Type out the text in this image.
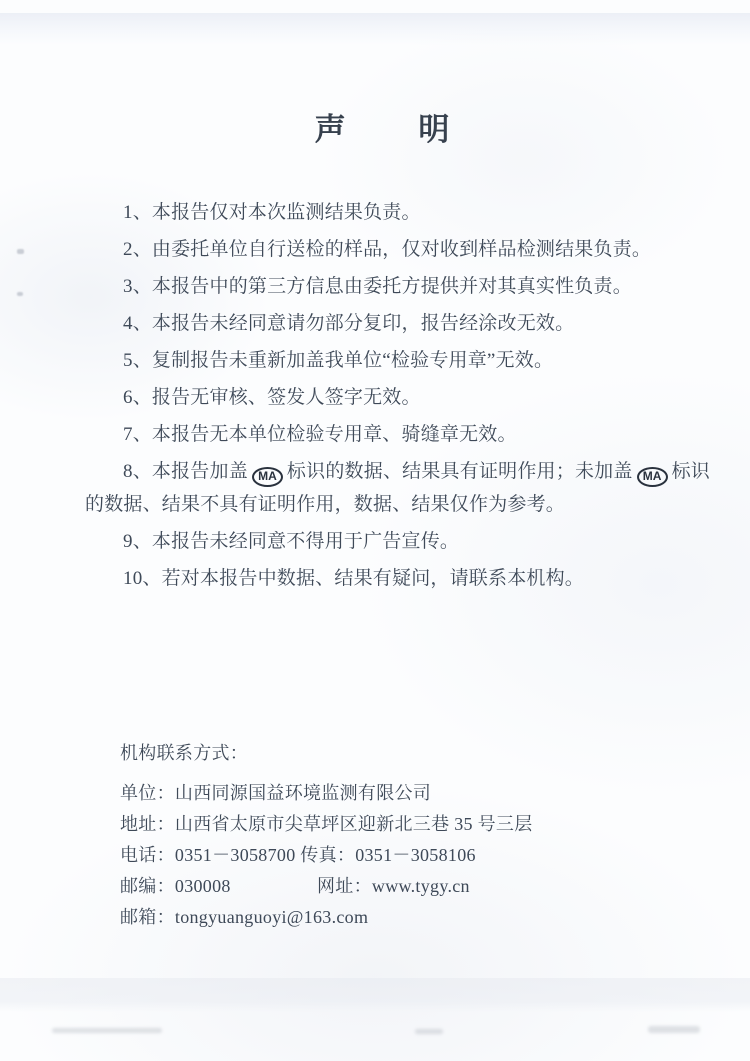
声明

1、本报告仅对本次监测结果负责。

2、由委托单位自行送检的样品，仅对收到样品检测结果负责。

3、本报告中的第三方信息由委托方提供并对其真实性负责。

4、本报告未经同意请勿部分复印，报告经涂改无效。

5、复制报告未重新加盖我单位“检验专用章”无效。

6、报告无审核、签发人签字无效。

7、本报告无本单位检验专用章、骑缝章无效。

8、本报告加盖 MA 标识的数据、结果具有证明作用；未加盖 MA 标识的数据、结果不具有证明作用，数据、结果仅作为参考。

9、本报告未经同意不得用于广告宣传。

10、若对本报告中数据、结果有疑问，请联系本机构。

机构联系方式：

单位：山西同源国益环境监测有限公司

地址：山西省太原市尖草坪区迎新北三巷 35 号三层

电话：0351－3058700 传真：0351－3058106

邮编：030008	网址：www.tygy.cn

邮箱：tongyuanguoyi@163.com
